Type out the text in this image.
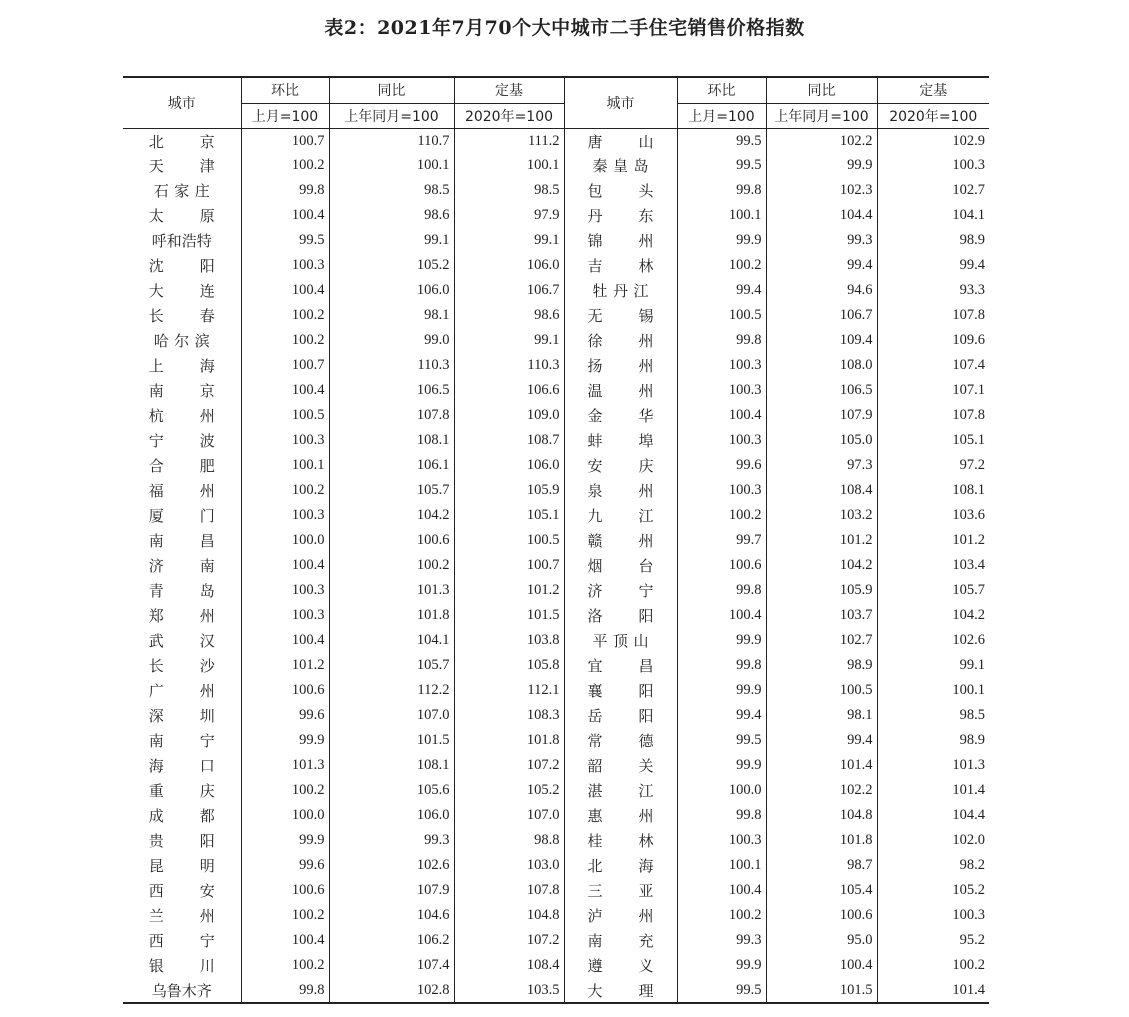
表2：2021年7月70个大中城市二手住宅销售价格指数
城市	环比	同比	定基	城市	环比	同比	定基
	上月=100	上年同月=100	2020年=100		上月=100	上年同月=100	2020年=100
北京	100.7	110.7	111.2	唐山	99.5	102.2	102.9
天津	100.2	100.1	100.1	秦皇岛	99.5	99.9	100.3
石家庄	99.8	98.5	98.5	包头	99.8	102.3	102.7
太原	100.4	98.6	97.9	丹东	100.1	104.4	104.1
呼和浩特	99.5	99.1	99.1	锦州	99.9	99.3	98.9
沈阳	100.3	105.2	106.0	吉林	100.2	99.4	99.4
大连	100.4	106.0	106.7	牡丹江	99.4	94.6	93.3
长春	100.2	98.1	98.6	无锡	100.5	106.7	107.8
哈尔滨	100.2	99.0	99.1	徐州	99.8	109.4	109.6
上海	100.7	110.3	110.3	扬州	100.3	108.0	107.4
南京	100.4	106.5	106.6	温州	100.3	106.5	107.1
杭州	100.5	107.8	109.0	金华	100.4	107.9	107.8
宁波	100.3	108.1	108.7	蚌埠	100.3	105.0	105.1
合肥	100.1	106.1	106.0	安庆	99.6	97.3	97.2
福州	100.2	105.7	105.9	泉州	100.3	108.4	108.1
厦门	100.3	104.2	105.1	九江	100.2	103.2	103.6
南昌	100.0	100.6	100.5	赣州	99.7	101.2	101.2
济南	100.4	100.2	100.7	烟台	100.6	104.2	103.4
青岛	100.3	101.3	101.2	济宁	99.8	105.9	105.7
郑州	100.3	101.8	101.5	洛阳	100.4	103.7	104.2
武汉	100.4	104.1	103.8	平顶山	99.9	102.7	102.6
长沙	101.2	105.7	105.8	宜昌	99.8	98.9	99.1
广州	100.6	112.2	112.1	襄阳	99.9	100.5	100.1
深圳	99.6	107.0	108.3	岳阳	99.4	98.1	98.5
南宁	99.9	101.5	101.8	常德	99.5	99.4	98.9
海口	101.3	108.1	107.2	韶关	99.9	101.4	101.3
重庆	100.2	105.6	105.2	湛江	100.0	102.2	101.4
成都	100.0	106.0	107.0	惠州	99.8	104.8	104.4
贵阳	99.9	99.3	98.8	桂林	100.3	101.8	102.0
昆明	99.6	102.6	103.0	北海	100.1	98.7	98.2
西安	100.6	107.9	107.8	三亚	100.4	105.4	105.2
兰州	100.2	104.6	104.8	泸州	100.2	100.6	100.3
西宁	100.4	106.2	107.2	南充	99.3	95.0	95.2
银川	100.2	107.4	108.4	遵义	99.9	100.4	100.2
乌鲁木齐	99.8	102.8	103.5	大理	99.5	101.5	101.4
